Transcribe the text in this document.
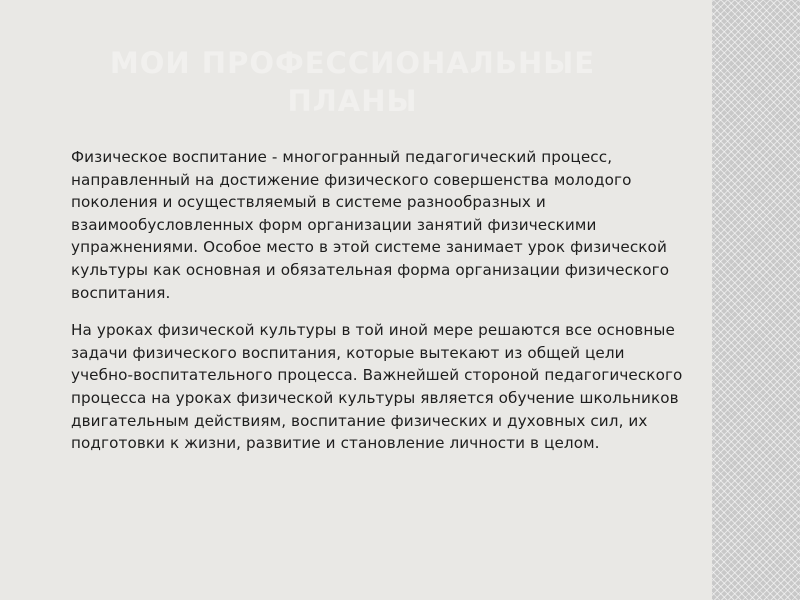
МОИ ПРОФЕССИОНАЛЬНЫЕ
ПЛАНЫ

Физическое воспитание - многогранный педагогический процесс, направленный на достижение физического совершенства молодого поколения и осуществляемый в системе разнообразных и взаимообусловленных форм организации занятий физическими упражнениями. Особое место в этой системе занимает урок физической культуры как основная и обязательная форма организации физического воспитания.

На уроках физической культуры в той иной мере решаются все основные задачи физического воспитания, которые вытекают из общей цели учебно-воспитательного процесса. Важнейшей стороной педагогического процесса на уроках физической культуры является обучение школьников двигательным действиям, воспитание физических и духовных сил, их подготовки к жизни, развитие и становление личности в целом.
